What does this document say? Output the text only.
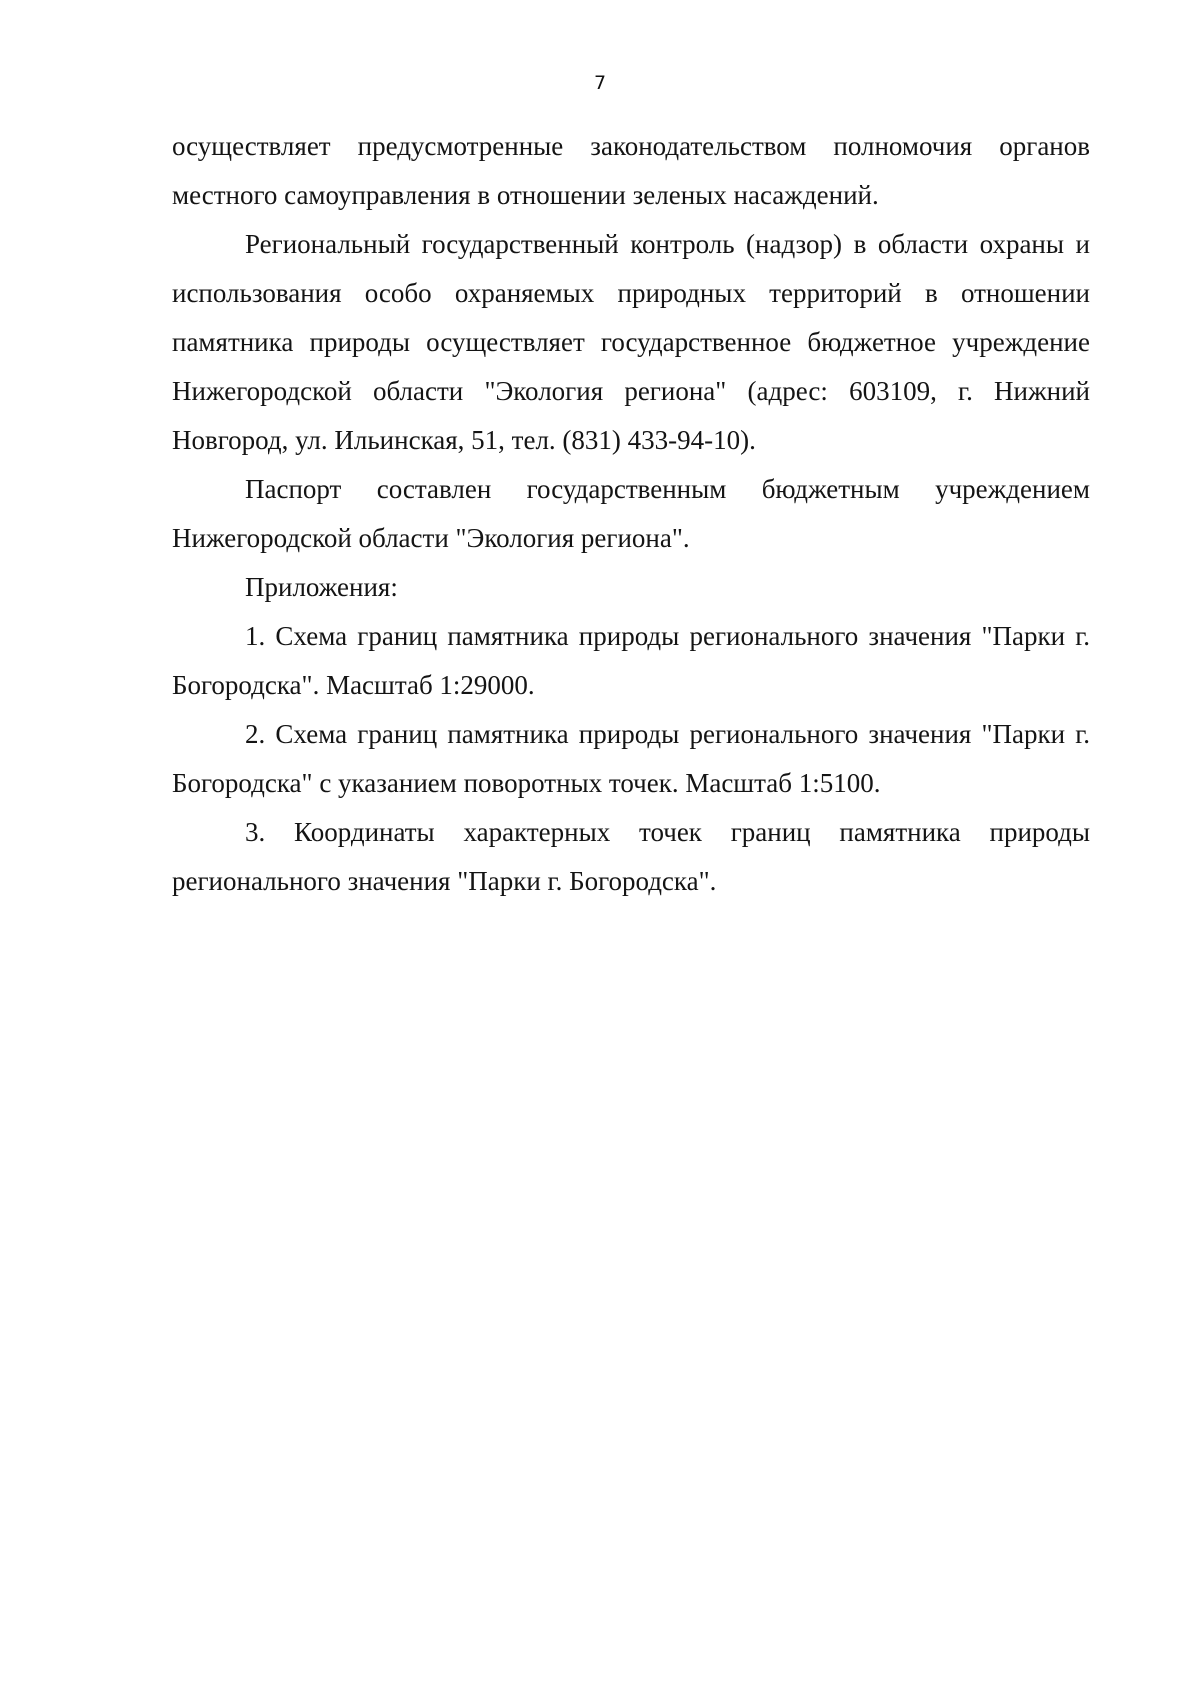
7

осуществляет предусмотренные законодательством полномочия органов местного самоуправления в отношении зеленых насаждений.

Региональный государственный контроль (надзор) в области охраны и использования особо охраняемых природных территорий в отношении памятника природы осуществляет государственное бюджетное учреждение Нижегородской области "Экология региона" (адрес: 603109, г. Нижний Новгород, ул. Ильинская, 51, тел. (831) 433-94-10).

Паспорт составлен государственным бюджетным учреждением Нижегородской области "Экология региона".

Приложения:

1. Схема границ памятника природы регионального значения "Парки г. Богородска". Масштаб 1:29000.

2. Схема границ памятника природы регионального значения "Парки г. Богородска" с указанием поворотных точек. Масштаб 1:5100.

3. Координаты характерных точек границ памятника природы регионального значения "Парки г. Богородска".
